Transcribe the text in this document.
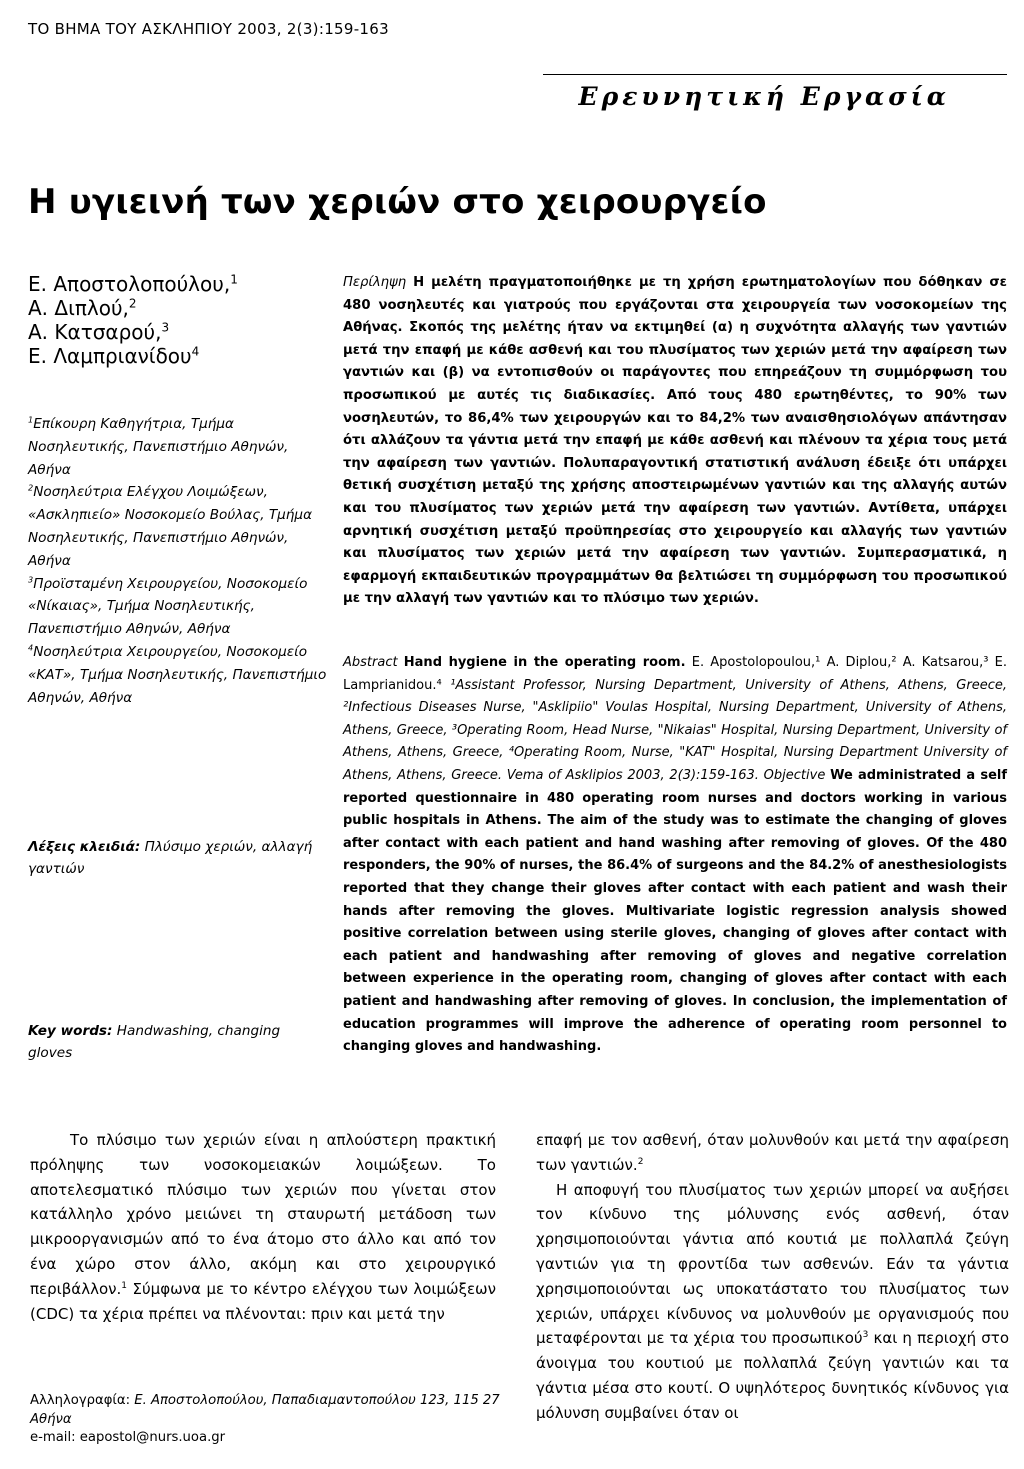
ΤΟ ΒΗΜΑ ΤΟΥ ΑΣΚΛΗΠΙΟΥ 2003, 2(3):159-163
Ερευνητική Εργασία
Η υγιεινή των χεριών στο χειρουργείο
Ε. Αποστολοπούλου,$^1$
Α. Διπλού,$^2$
Α. Κατσαρού,$^3$
Ε. Λαμπριανίδου$^4$

$^1$Επίκουρη Καθηγήτρια, Τμήμα Νοσηλευτικής, Πανεπιστήμιο Αθηνών, Αθήνα

$^2$Νοσηλεύτρια Ελέγχου Λοιμώξεων, «Ασκληπιείο» Νοσοκομείο Βούλας, Τμήμα Νοσηλευτικής, Πανεπιστήμιο Αθηνών, Αθήνα

$^3$Προϊσταμένη Χειρουργείου, Νοσοκομείο «Νίκαιας», Τμήμα Νοσηλευτικής, Πανεπιστήμιο Αθηνών, Αθήνα

$^4$Νοσηλεύτρια Χειρουργείου, Νοσοκομείο «ΚΑΤ», Τμήμα Νοσηλευτικής, Πανεπιστήμιο Αθηνών, Αθήνα

Λέξεις κλειδιά: Πλύσιμο χεριών, αλλαγή γαντιών
Key words: Handwashing, changing gloves
Περίληψη Η μελέτη πραγματοποιήθηκε με τη χρήση ερωτηματολογίων που δόθηκαν σε 480 νοσηλευτές και γιατρούς που εργάζονται στα χειρουργεία των νοσοκομείων της Αθήνας. Σκοπός της μελέτης ήταν να εκτιμηθεί (α) η συχνότητα αλλαγής των γαντιών μετά την επαφή με κάθε ασθενή και του πλυσίματος των χεριών μετά την αφαίρεση των γαντιών και (β) να εντοπισθούν οι παράγοντες που επηρεάζουν τη συμμόρφωση του προσωπικού με αυτές τις διαδικασίες. Από τους 480 ερωτηθέντες, το 90% των νοσηλευτών, το 86,4% των χειρουργών και το 84,2% των αναισθησιολόγων απάντησαν ότι αλλάζουν τα γάντια μετά την επαφή με κάθε ασθενή και πλένουν τα χέρια τους μετά την αφαίρεση των γαντιών. Πολυπαραγοντική στατιστική ανάλυση έδειξε ότι υπάρχει θετική συσχέτιση μεταξύ της χρήσης αποστειρωμένων γαντιών και της αλλαγής αυτών και του πλυσίματος των χεριών μετά την αφαίρεση των γαντιών. Αντίθετα, υπάρχει αρνητική συσχέτιση μεταξύ προϋπηρεσίας στο χειρουργείο και αλλαγής των γαντιών και πλυσίματος των χεριών μετά την αφαίρεση των γαντιών. Συμπερασματικά, η εφαρμογή εκπαιδευτικών προγραμμάτων θα βελτιώσει τη συμμόρφωση του προσωπικού με την αλλαγή των γαντιών και το πλύσιμο των χεριών.
Abstract Hand hygiene in the operating room. Ε. Apostolopoulou,¹ A. Diplou,² A. Katsarou,³ Ε. Lamprianidou.⁴ ¹Assistant Professor, Nursing Department, University of Athens, Athens, Greece, ²Infectious Diseases Nurse, "Asklipiio" Voulas Hospital, Nursing Department, University of Athens, Athens, Greece, ³Operating Room, Head Nurse, "Nikaias" Hospital, Nursing Department, University of Athens, Athens, Greece, ⁴Operating Room, Nurse, "KAT" Hospital, Nursing Department University of Athens, Athens, Greece. Vema of Asklipios 2003, 2(3):159-163. Objective We administrated a self reported questionnaire in 480 operating room nurses and doctors working in various public hospitals in Athens. The aim of the study was to estimate the changing of gloves after contact with each patient and hand washing after removing of gloves. Of the 480 responders, the 90% of nurses, the 86.4% of surgeons and the 84.2% of anesthesiologists reported that they change their gloves after contact with each patient and wash their hands after removing the gloves. Multivariate logistic regression analysis showed positive correlation between using sterile gloves, changing of gloves after contact with each patient and handwashing after removing of gloves and negative correlation between experience in the operating room, changing of gloves after contact with each patient and handwashing after removing of gloves. In conclusion, the implementation of education programmes will improve the adherence of operating room personnel to changing gloves and handwashing.
Το πλύσιμο των χεριών είναι η απλούστερη πρακτική πρόληψης των νοσοκομειακών λοιμώξεων. Το αποτελεσματικό πλύσιμο των χεριών που γίνεται στον κατάλληλο χρόνο μειώνει τη σταυρωτή μετάδοση των μικροοργανισμών από το ένα άτομο στο άλλο και από τον ένα χώρο στον άλλο, ακόμη και στο χειρουργικό περιβάλλον.$^1$ Σύμφωνα με το κέντρο ελέγχου των λοιμώξεων (CDC) τα χέρια πρέπει να πλένονται: πριν και μετά την

επαφή με τον ασθενή, όταν μολυνθούν και μετά την αφαίρεση των γαντιών.$^2$

Η αποφυγή του πλυσίματος των χεριών μπορεί να αυξήσει τον κίνδυνο της μόλυνσης ενός ασθενή, όταν χρησιμοποιούνται γάντια από κουτιά με πολλαπλά ζεύγη γαντιών για τη φροντίδα των ασθενών. Εάν τα γάντια χρησιμοποιούνται ως υποκατάστατο του πλυσίματος των χεριών, υπάρχει κίνδυνος να μολυνθούν με οργανισμούς που μεταφέρονται με τα χέρια του προσωπικού$^3$ και η περιοχή στο άνοιγμα του κουτιού με πολλαπλά ζεύγη γαντιών και τα γάντια μέσα στο κουτί. Ο υψηλότερος δυνητικός κίνδυνος για μόλυνση συμβαίνει όταν οι

Αλληλογραφία: Ε. Αποστολοπούλου, Παπαδιαμαντοπούλου 123, 115 27 Αθήνα
e-mail: eapostol@nurs.uoa.gr
